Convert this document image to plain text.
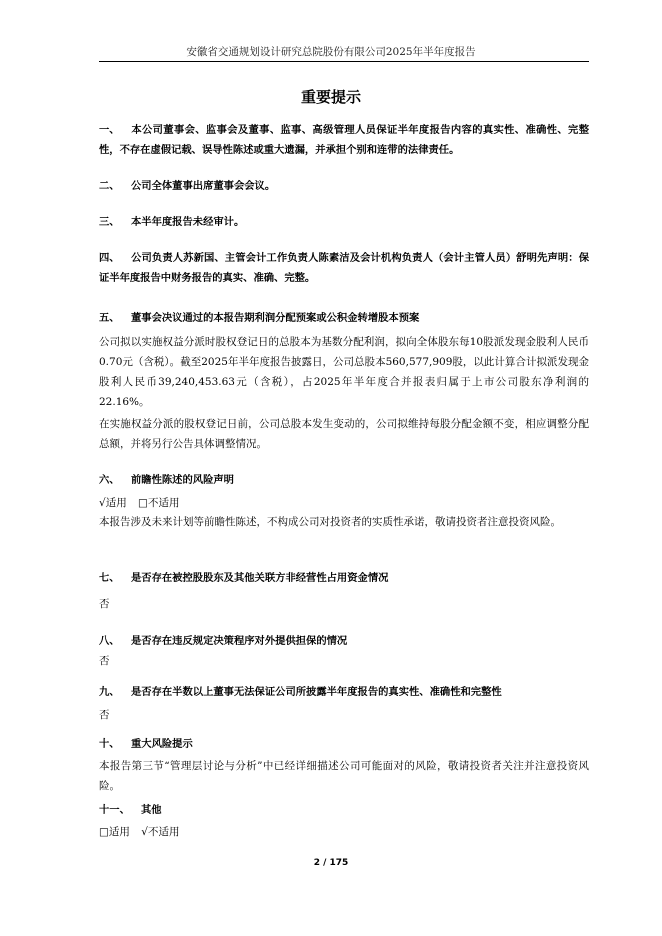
安徽省交通规划设计研究总院股份有限公司2025年半年度报告
重要提示
一、 本公司董事会、监事会及董事、监事、高级管理人员保证半年度报告内容的真实性、准确性、完整性，不存在虚假记载、误导性陈述或重大遗漏，并承担个别和连带的法律责任。
二、 公司全体董事出席董事会会议。
三、 本半年度报告未经审计。
四、 公司负责人苏新国、主管会计工作负责人陈素洁及会计机构负责人（会计主管人员）舒明先声明：保证半年度报告中财务报告的真实、准确、完整。
五、 董事会决议通过的本报告期利润分配预案或公积金转增股本预案
公司拟以实施权益分派时股权登记日的总股本为基数分配利润，拟向全体股东每10股派发现金股利人民币0.70元（含税）。截至2025年半年度报告披露日，公司总股本560,577,909股，以此计算合计拟派发现金股利人民币39,240,453.63元（含税），占2025年半年度合并报表归属于上市公司股东净利润的22.16%。
在实施权益分派的股权登记日前，公司总股本发生变动的，公司拟维持每股分配金额不变，相应调整分配总额，并将另行公告具体调整情况。
六、 前瞻性陈述的风险声明
√适用 □不适用
本报告涉及未来计划等前瞻性陈述，不构成公司对投资者的实质性承诺，敬请投资者注意投资风险。
七、 是否存在被控股股东及其他关联方非经营性占用资金情况
否
八、 是否存在违反规定决策程序对外提供担保的情况
否
九、 是否存在半数以上董事无法保证公司所披露半年度报告的真实性、准确性和完整性
否
十、 重大风险提示
本报告第三节“管理层讨论与分析”中已经详细描述公司可能面对的风险，敬请投资者关注并注意投资风险。
十一、 其他
□适用 √不适用
2 / 175
